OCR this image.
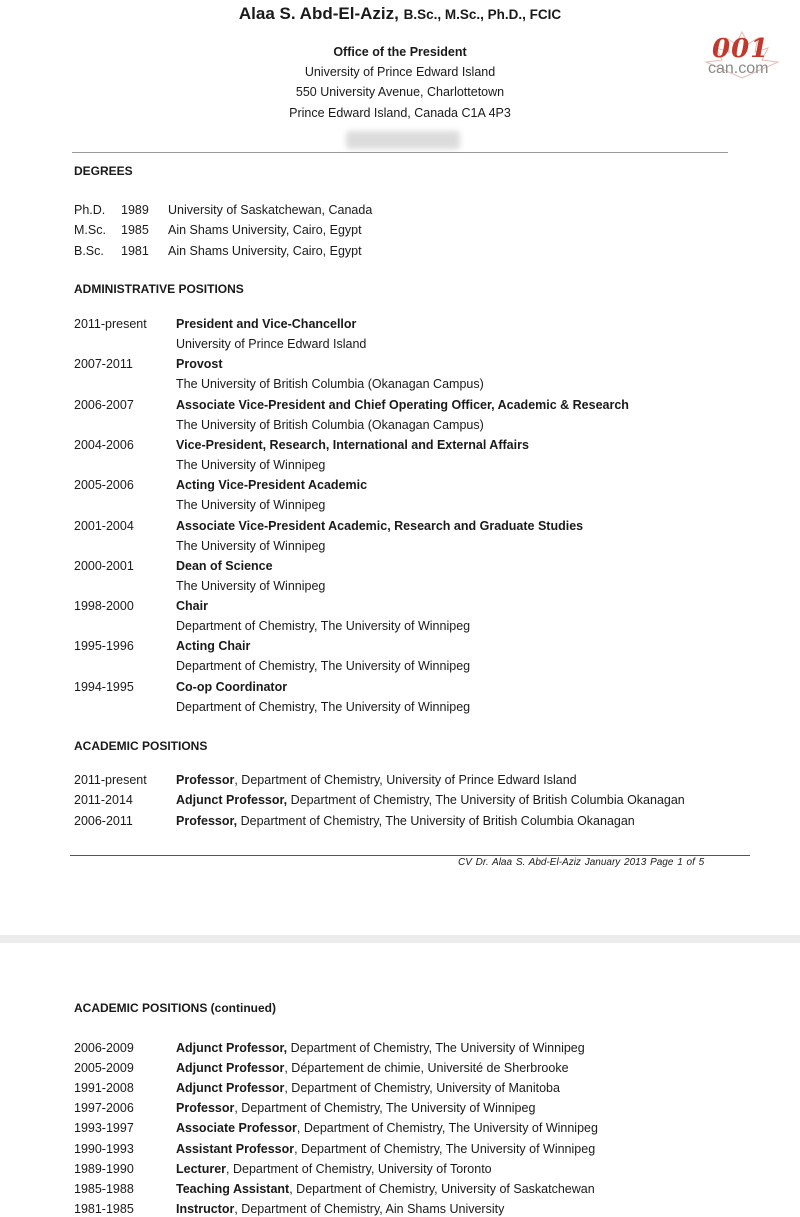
Alaa S. Abd-El-Aziz, B.Sc., M.Sc., Ph.D., FCIC
Office of the President
University of Prince Edward Island
550 University Avenue, Charlottetown
Prince Edward Island, Canada C1A 4P3
001
can.com
DEGREES
Ph.D. 1989 University of Saskatchewan, Canada
M.Sc. 1985 Ain Shams University, Cairo, Egypt
B.Sc. 1981 Ain Shams University, Cairo, Egypt
ADMINISTRATIVE POSITIONS
2011-present President and Vice-Chancellor
University of Prince Edward Island
2007-2011	Provost
The University of British Columbia (Okanagan Campus)
2006-2007	Associate Vice-President and Chief Operating Officer, Academic & Research
The University of British Columbia (Okanagan Campus)
2004-2006	Vice-President, Research, International and External Affairs
The University of Winnipeg
2005-2006	Acting Vice-President Academic
The University of Winnipeg
2001-2004	Associate Vice-President Academic, Research and Graduate Studies
The University of Winnipeg
2000-2001	Dean of Science
The University of Winnipeg
1998-2000	Chair
Department of Chemistry, The University of Winnipeg
1995-1996	Acting Chair
Department of Chemistry, The University of Winnipeg
1994-1995	Co-op Coordinator
Department of Chemistry, The University of Winnipeg
ACADEMIC POSITIONS
2011-present Professor, Department of Chemistry, University of Prince Edward Island
2011-2014	Adjunct Professor, Department of Chemistry, The University of British Columbia Okanagan
2006-2011	Professor, Department of Chemistry, The University of British Columbia Okanagan
CV Dr. Alaa S. Abd-El-Aziz January 2013 Page 1 of 5
ACADEMIC POSITIONS (continued)
2006-2009	Adjunct Professor, Department of Chemistry, The University of Winnipeg
2005-2009	Adjunct Professor, Département de chimie, Université de Sherbrooke
1991-2008	Adjunct Professor, Department of Chemistry, University of Manitoba
1997-2006	Professor, Department of Chemistry, The University of Winnipeg
1993-1997	Associate Professor, Department of Chemistry, The University of Winnipeg
1990-1993	Assistant Professor, Department of Chemistry, The University of Winnipeg
1989-1990	Lecturer, Department of Chemistry, University of Toronto
1985-1988	Teaching Assistant, Department of Chemistry, University of Saskatchewan
1981-1985	Instructor, Department of Chemistry, Ain Shams University
